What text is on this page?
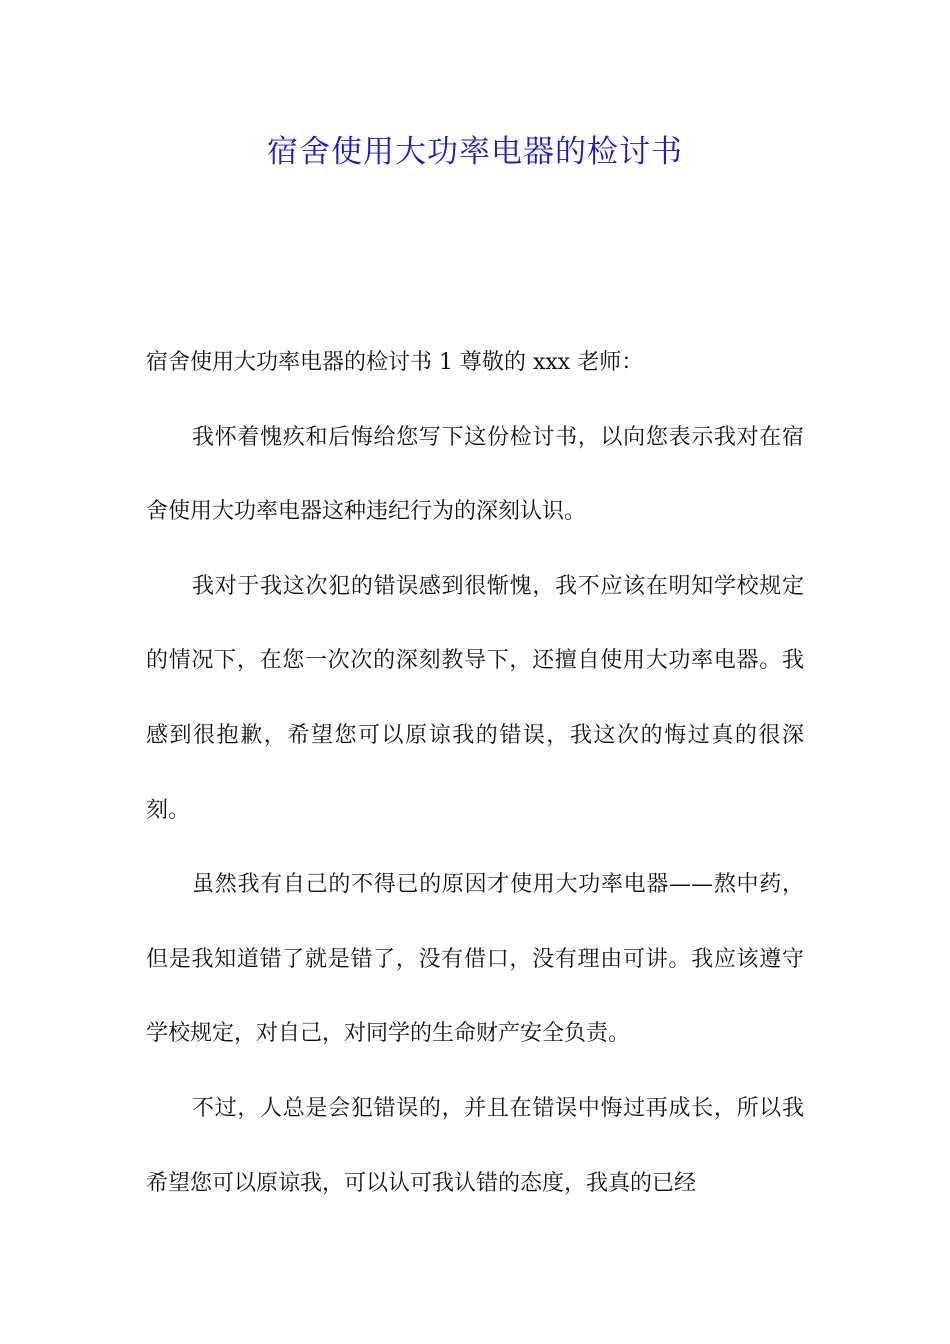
宿舍使用大功率电器的检讨书

宿舍使用大功率电器的检讨书 1 尊敬的 xxx 老师：

我怀着愧疚和后悔给您写下这份检讨书，以向您表示我对在宿舍使用大功率电器这种违纪行为的深刻认识。

我对于我这次犯的错误感到很惭愧，我不应该在明知学校规定的情况下，在您一次次的深刻教导下，还擅自使用大功率电器。我感到很抱歉，希望您可以原谅我的错误，我这次的悔过真的很深刻。

虽然我有自己的不得已的原因才使用大功率电器——熬中药，但是我知道错了就是错了，没有借口，没有理由可讲。我应该遵守学校规定，对自己，对同学的生命财产安全负责。

不过，人总是会犯错误的，并且在错误中悔过再成长，所以我希望您可以原谅我，可以认可我认错的态度，我真的已经
